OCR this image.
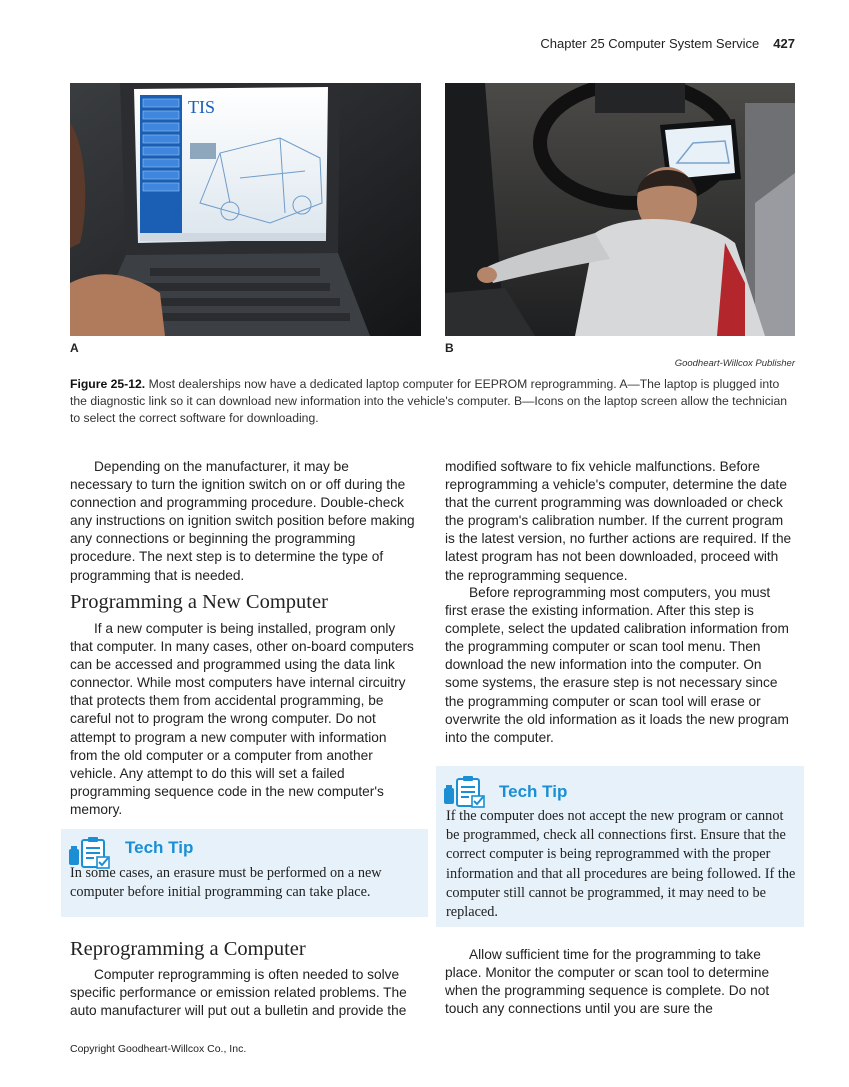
Chapter 25 Computer System Service 427
TIS
A	B
Goodheart-Willcox Publisher
Figure 25-12. Most dealerships now have a dedicated laptop computer for EEPROM reprogramming. A—The laptop is plugged into the diagnostic link so it can download new information into the vehicle's computer. B—Icons on the laptop screen allow the technician to select the correct software for downloading.

Depending on the manufacturer, it may be necessary to turn the ignition switch on or off during the connection and programming procedure. Double-check any instructions on ignition switch position before making any connections or beginning the programming procedure. The next step is to determine the type of programming that is needed.

Programming a New Computer

If a new computer is being installed, program only that computer. In many cases, other on-board computers can be accessed and programmed using the data link connector. While most computers have internal circuitry that protects them from accidental programming, be careful not to program the wrong computer. Do not attempt to program a new computer with information from the old computer or a computer from another vehicle. Any attempt to do this will set a failed programming sequence code in the new computer's memory.

Tech Tip
In some cases, an erasure must be performed on a new computer before initial programming can take place.
Reprogramming a Computer

Computer reprogramming is often needed to solve specific performance or emission related problems. The auto manufacturer will put out a bulletin and provide the

modified software to fix vehicle malfunctions. Before reprogramming a vehicle's computer, determine the date that the current programming was downloaded or check the program's calibration number. If the current program is the latest version, no further actions are required. If the latest program has not been downloaded, proceed with the reprogramming sequence.

Before reprogramming most computers, you must first erase the existing information. After this step is complete, select the updated calibration information from the programming computer or scan tool menu. Then download the new information into the computer. On some systems, the erasure step is not necessary since the programming computer or scan tool will erase or overwrite the old information as it loads the new program into the computer.

Tech Tip
If the computer does not accept the new program or cannot be programmed, check all connections first. Ensure that the correct computer is being reprogrammed with the proper information and that all procedures are being followed. If the computer still cannot be programmed, it may need to be replaced.

Allow sufficient time for the programming to take place. Monitor the computer or scan tool to determine when the programming sequence is complete. Do not touch any connections until you are sure the

Copyright Goodheart-Willcox Co., Inc.
